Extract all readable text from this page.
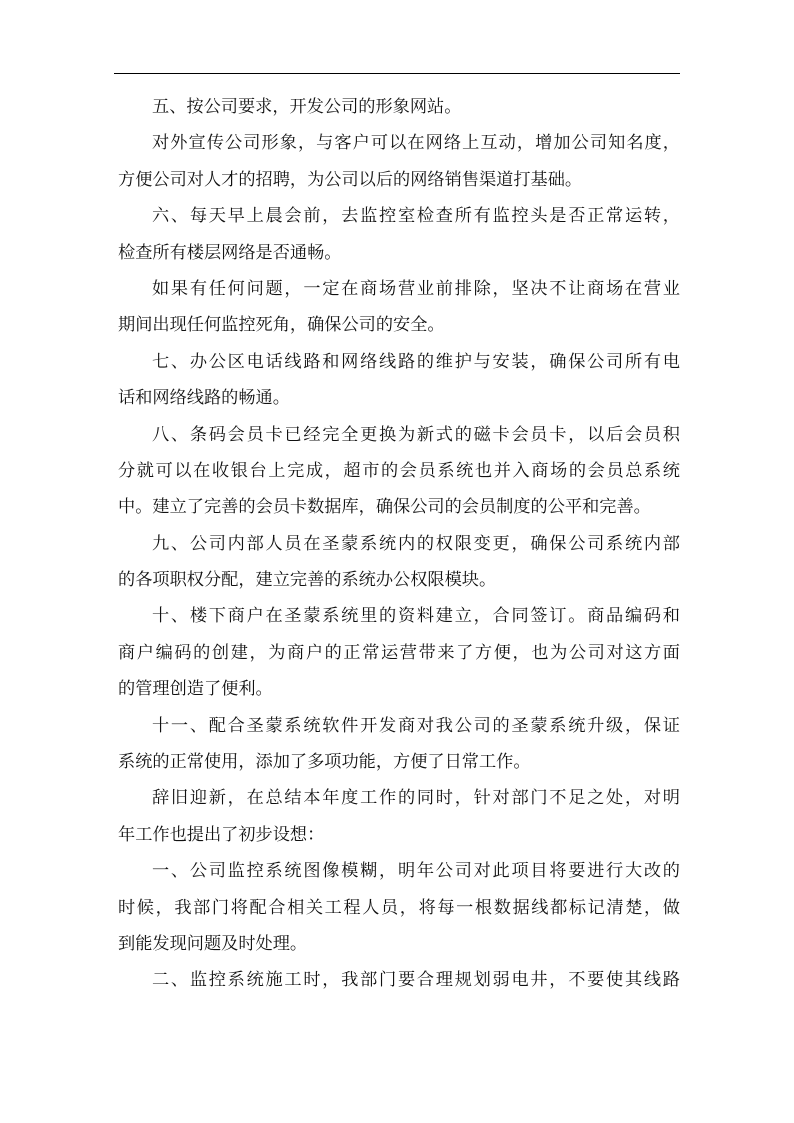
五、按公司要求，开发公司的形象网站。
对外宣传公司形象，与客户可以在网络上互动，增加公司知名度，
方便公司对人才的招聘，为公司以后的网络销售渠道打基础。
六、每天早上晨会前，去监控室检查所有监控头是否正常运转，
检查所有楼层网络是否通畅。
如果有任何问题，一定在商场营业前排除，坚决不让商场在营业
期间出现任何监控死角，确保公司的安全。
七、办公区电话线路和网络线路的维护与安装，确保公司所有电
话和网络线路的畅通。
八、条码会员卡已经完全更换为新式的磁卡会员卡，以后会员积
分就可以在收银台上完成，超市的会员系统也并入商场的会员总系统
中。建立了完善的会员卡数据库，确保公司的会员制度的公平和完善。
九、公司内部人员在圣蒙系统内的权限变更，确保公司系统内部
的各项职权分配，建立完善的系统办公权限模块。
十、楼下商户在圣蒙系统里的资料建立，合同签订。商品编码和
商户编码的创建，为商户的正常运营带来了方便，也为公司对这方面
的管理创造了便利。
十一、配合圣蒙系统软件开发商对我公司的圣蒙系统升级，保证
系统的正常使用，添加了多项功能，方便了日常工作。
辞旧迎新，在总结本年度工作的同时，针对部门不足之处，对明
年工作也提出了初步设想：
一、公司监控系统图像模糊，明年公司对此项目将要进行大改的
时候，我部门将配合相关工程人员，将每一根数据线都标记清楚，做
到能发现问题及时处理。
二、监控系统施工时，我部门要合理规划弱电井，不要使其线路
